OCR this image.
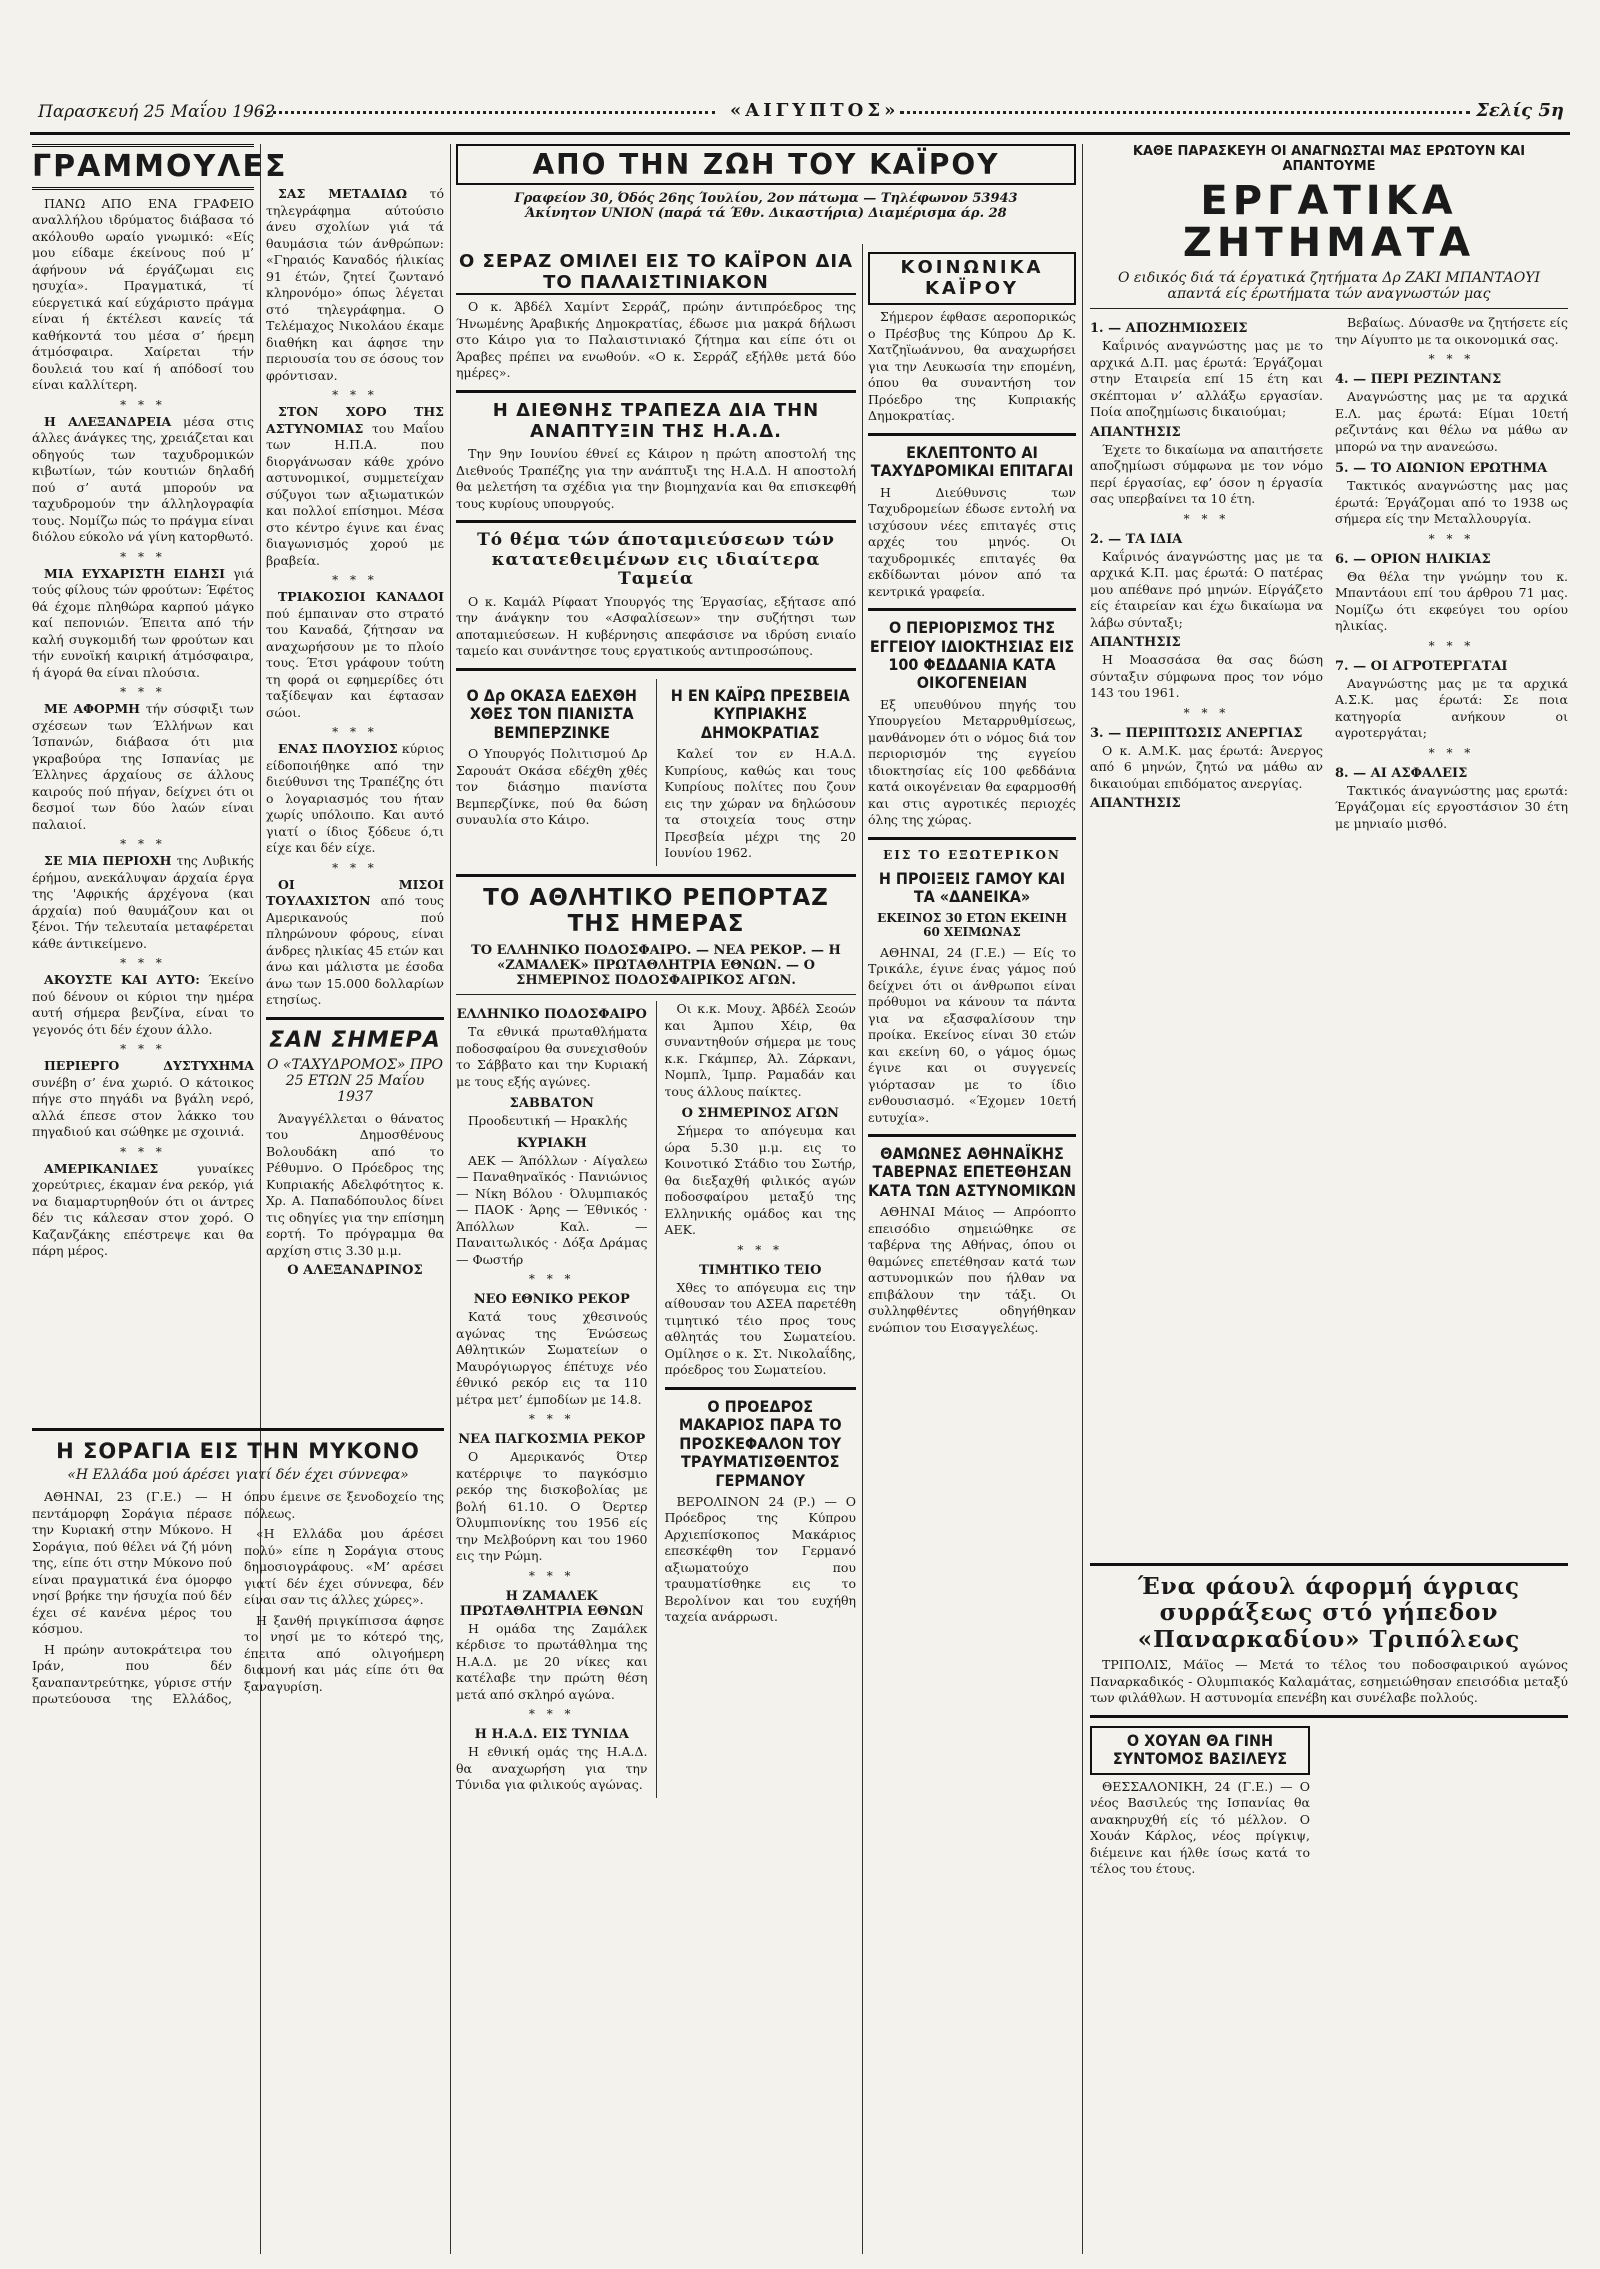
Παρασκευή 25 Μαΐου 1962	«ΑΙΓΥΠΤΟΣ»	Σελίς 5η
ΓΡΑΜΜΟΥΛΕΣ

ΠΑΝΩ ΑΠΟ ΕΝΑ ΓΡΑΦΕΙΟ αναλλήλου ιδρύματος διάβασα τό ακόλουθο ωραίο γνωμικό: «Είς μου είδαμε έκείνους πού μ’ άφήνουν νά έργάζωμαι εις ησυχία». Πραγματικά, τί εύεργετικά καί εύχάριστο πράγμα είναι ή έκτέλεσι κανείς τά καθήκοντά του μέσα σ’ ήρεμη άτμόσφαιρα. Χαίρεται τήν δουλειά του καί ή απόδοσί του είναι καλλίτερη.

* * *

Η ΑΛΕΞΑΝΔΡΕΙΑ μέσα στις άλλες άνάγκες της, χρειάζεται και οδηγούς των ταχυδρομικών κιβωτίων, τών κουτιών δηλαδή πού σ’ αυτά μπορούν να ταχυδρομούν την άλληλογραφία τους. Νομίζω πώς το πράγμα είναι διόλου εύκολο νά γίνη κατορθωτό.

* * *

ΜΙΑ ΕΥΧΑΡΙΣΤΗ ΕΙΔΗΣΙ γιά τούς φίλους τών φρούτων: Έφέτος θά έχομε πληθώρα καρπού μάγκο καί πεπονιών. Έπειτα από τήν καλή συγκομιδή των φρούτων και τήν ευνοϊκή καιρική άτμόσφαιρα, ή άγορά θα είναι πλούσια.

* * *

ΜΕ ΑΦΟΡΜΗ τήν σύσφιξι των σχέσεων των Έλλήνων και Ίσπανών, διάβασα ότι μια γκραβούρα της Ισπανίας με Έλληνες άρχαίους σε άλλους καιρούς πού πήγαν, δείχνει ότι οι δεσμοί των δύο λαών είναι παλαιοί.

* * *

ΣΕ ΜΙΑ ΠΕΡΙΟΧΗ της Λυβικής έρήμου, ανεκάλυψαν άρχαία έργα της 'Αφρικής άρχέγονα (και άρχαία) πού θαυμάζουν και οι ξένοι. Τήν τελευταία μεταφέρεται κάθε άντικείμενο.

* * *

ΑΚΟΥΣΤΕ ΚΑΙ ΑΥΤΟ: Έκείνο πού δένουν οι κύριοι την ημέρα αυτή σήμερα βενζίνα, είναι το γεγονός ότι δέν έχουν άλλο.

* * *

ΠΕΡΙΕΡΓΟ ΔΥΣΤΥΧΗΜΑ συνέβη σ’ ένα χωριό. Ο κάτοικος πήγε στο πηγάδι να βγάλη νερό, αλλά έπεσε στον λάκκο του πηγαδιού και σώθηκε με σχοινιά.

* * *

ΑΜΕΡΙΚΑΝΙΔΕΣ	γυναίκες χορεύτριες, έκαμαν ένα ρεκόρ, γιά να διαμαρτυρηθούν ότι οι άντρες δέν τις κάλεσαν στον χορό. Ο Καζανζάκης επέστρεψε και θα πάρη μέρος.

ΣΑΣ ΜΕΤΑΔΙΔΩ τό τηλεγράφημα αύτούσιο άνευ σχολίων γιά τά θαυμάσια τών άνθρώπων: «Γηραιός Καναδός ήλικίας 91 έτών, ζητεί ζωντανό κληρονόμο» όπως λέγεται στό τηλεγράφημα. Ο Τελέμαχος Νικολάου έκαμε διαθήκη και άφησε την περιουσία του σε όσους τον φρόντισαν.

* * *

ΣΤΟΝ ΧΟΡΟ ΤΗΣ ΑΣΤΥΝΟΜΙΑΣ του Μαΐου των Η.Π.Α. που διοργάνωσαν κάθε χρόνο αστυνομικοί, συμμετείχαν σύζυγοι των αξιωματικών και πολλοί επίσημοι. Μέσα στο κέντρο έγινε και ένας διαγωνισμός χορού με βραβεία.

* * *

ΤΡΙΑΚΟΣΙΟΙ ΚΑΝΑΔΟΙ πού έμπαιναν στο στρατό του Καναδά, ζήτησαν να αναχωρήσουν με το πλοίο τους. Έτσι γράφουν τούτη τη φορά οι εφημερίδες ότι ταξίδεψαν και έφτασαν σώοι.

* * *

ΕΝΑΣ ΠΛΟΥΣΙΟΣ κύριος είδοποιήθηκε από την διεύθυνσι της Τραπέζης ότι ο λογαριασμός του ήταν χωρίς υπόλοιπο. Και αυτό γιατί ο ίδιος ξόδευε ό,τι είχε και δέν είχε.

* * *

ΟΙ ΜΙΣΟΙ ΤΟΥΛΑΧΙΣΤΟΝ από τους Αμερικανούς πού πληρώνουν φόρους, είναι άνδρες ηλικίας 45 ετών και άνω και μάλιστα με έσοδα άνω των 15.000 δολλαρίων ετησίως.

ΣΑΝ ΣΗΜΕΡΑ
Ο «ΤΑΧΥΔΡΟΜΟΣ» ΠΡΟ 25 ΕΤΩΝ 25 Μαΐου 1937

Άναγγέλλεται ο θάνατος του Δημοσθένους Βολουδάκη από το Ρέθυμνο. Ο Πρόεδρος της Κυπριακής Αδελφότητος κ. Χρ. Α. Παπαδόπουλος δίνει τις οδηγίες για την επίσημη εορτή. Το πρόγραμμα θα αρχίση στις 3.30 μ.μ.

Ο ΑΛΕΞΑΝΔΡΙΝΟΣ
Η ΣΟΡΑΓΙΑ ΕΙΣ ΤΗΝ ΜΥΚΟΝΟ
«Η Ελλάδα μού άρέσει γιατί δέν έχει σύννεφα»

ΑΘΗΝΑΙ, 23 (Γ.Ε.) — Η πεντάμορφη Σοράγια πέρασε την Κυριακή στην Μύκονο. Η Σοράγια, πού θέλει νά ζή μόνη της, είπε ότι στην Μύκονο πού είναι πραγματικά ένα όμορφο νησί βρήκε την ήσυχία πού δέν έχει σέ κανένα μέρος του κόσμου.

Η πρώην αυτοκράτειρα του Ιράν, που δέν ξαναπαντρεύτηκε, γύρισε στήν πρωτεύουσα της Ελλάδος, όπου έμεινε σε ξενοδοχείο της πόλεως.

«Η Ελλάδα μου άρέσει πολύ» είπε η Σοράγια στους δημοσιογράφους. «Μ’ αρέσει γιατί δέν έχει σύννεφα, δέν είναι σαν τις άλλες χώρες».

Η ξανθή πριγκίπισσα άφησε το νησί με το κότερό της, έπειτα από ολιγοήμερη διαμονή και μάς είπε ότι θα ξαναγυρίση.

ΑΠΟ ΤΗΝ ΖΩΗ ΤΟΥ ΚΑΪΡΟΥ
Γραφείον 30, Όδός 26ης Ίουλίου, 2ον πάτωμα — Τηλέφωνον 53943
Άκίνητον UNION (παρά τά Έθν. Δικαστήρια) Διαμέρισμα άρ. 28
Ο ΣΕΡΑΖ ΟΜΙΛΕΙ ΕΙΣ ΤΟ ΚΑΪΡΟΝ ΔΙΑ ΤΟ ΠΑΛΑΙΣΤΙΝΙΑΚΟΝ

Ο κ. Άβδέλ Χαμίντ Σερράζ, πρώην άντιπρόεδρος της Ήνωμένης Άραβικής Δημοκρατίας, έδωσε μια μακρά δήλωσι στο Κάιρο για το Παλαιστινιακό ζήτημα και είπε ότι οι Άραβες πρέπει να ενωθούν. «Ο κ. Σερράζ εξήλθε μετά δύο ημέρες».

Η ΔΙΕΘΝΗΣ ΤΡΑΠΕΖΑ ΔΙΑ ΤΗΝ ΑΝΑΠΤΥΞΙΝ ΤΗΣ Η.Α.Δ.

Την 9ην Ιουνίου έθνεί ες Κάιρον η πρώτη αποστολή της Διεθνούς Τραπέζης για την ανάπτυξι της Η.Α.Δ. Η αποστολή θα μελετήση τα σχέδια για την βιομηχανία και θα επισκεφθή τους κυρίους υπουργούς.

Τό θέμα τών άποταμιεύσεων τών κατατεθειμένων εις ιδιαίτερα Ταμεία

Ο κ. Καμάλ Ρίφαατ Υπουργός της Έργασίας, εξήτασε από την άνάγκην του «Ασφαλίσεων» την συζήτησι των αποταμιεύσεων. Η κυβέρνησις απεφάσισε να ιδρύση ενιαίο ταμείο και συνάντησε τους εργατικούς αντιπροσώπους.

Ο Δρ ΟΚΑΣΑ ΕΔΕΧΘΗ ΧΘΕΣ ΤΟΝ ΠΙΑΝΙΣΤΑ ΒΕΜΠΕΡΖΙΝΚΕ

Ο Υπουργός Πολιτισμού Δρ Σαρουάτ Οκάσα εδέχθη χθές τον διάσημο πιανίστα Βεμπερζίνκε, πού θα δώση συναυλία στο Κάιρο.

Η ΕΝ ΚΑΪΡΩ ΠΡΕΣΒΕΙΑ ΚΥΠΡΙΑΚΗΣ ΔΗΜΟΚΡΑΤΙΑΣ

Καλεί τον εν Η.Α.Δ. Κυπρίους, καθώς και τους Κυπρίους πολίτες που ζουν εις την χώραν να δηλώσουν τα στοιχεία τους στην Πρεσβεία μέχρι της 20 Ιουνίου 1962.

ΤΟ ΑΘΛΗΤΙΚΟ ΡΕΠΟΡΤΑΖ ΤΗΣ ΗΜΕΡΑΣ
ΤΟ ΕΛΛΗΝΙΚΟ ΠΟΔΟΣΦΑΙΡΟ. — ΝΕΑ ΡΕΚΟΡ. — Η «ΖΑΜΑΛΕΚ» ΠΡΩΤΑΘΛΗΤΡΙΑ ΕΘΝΩΝ. — Ο ΣΗΜΕΡΙΝΟΣ ΠΟΔΟΣΦΑΙΡΙΚΟΣ ΑΓΩΝ.
ΕΛΛΗΝΙΚΟ ΠΟΔΟΣΦΑΙΡΟ

Τα εθνικά πρωταθλήματα ποδοσφαίρου θα συνεχισθούν το Σάββατο και την Κυριακή με τους εξής αγώνες.

ΣΑΒΒΑΤΟΝ

Προοδευτική — Ηρακλής

ΚΥΡΙΑΚΗ

ΑΕΚ — Άπόλλων · Αίγαλεω — Παναθηναϊκός · Πανιώνιος — Νίκη Βόλου · Όλυμπιακός — ΠΑΟΚ · Άρης — Έθνικός · Άπόλλων Καλ. — Παναιτωλικός · Δόξα Δράμας — Φωστήρ

* * *
ΝΕΟ ΕΘΝΙΚΟ ΡΕΚΟΡ

Κατά τους χθεσινούς αγώνας της Ένώσεως Αθλητικών Σωματείων ο Μαυρόγιωργος έπέτυχε νέο έθνικό ρεκόρ εις τα 110 μέτρα μετ’ έμποδίων με 14.8.

* * *
ΝΕΑ ΠΑΓΚΟΣΜΙΑ ΡΕΚΟΡ

Ο Αμερικανός Ότερ κατέρριψε το παγκόσμιο ρεκόρ της δισκοβολίας με βολή 61.10. Ο Όερτερ Όλυμπιονίκης του 1956 είς την Μελβούρνη και του 1960 εις την Ρώμη.

* * *
Η ΖΑΜΑΛΕΚ ΠΡΩΤΑΘΛΗΤΡΙΑ ΕΘΝΩΝ

Η ομάδα της Ζαμάλεκ κέρδισε το πρωτάθλημα της Η.Α.Δ. με 20 νίκες και κατέλαβε την πρώτη θέση μετά από σκληρό αγώνα.

* * *
Η Η.Α.Δ. ΕΙΣ ΤΥΝΙΔΑ

Η εθνική ομάς της Η.Α.Δ. θα αναχωρήση για την Τύνιδα για φιλικούς αγώνας.

Οι κ.κ. Μουχ. Άβδέλ Σεοών και Άμπου Χέιρ, θα συναντηθούν σήμερα με τους κ.κ. Γκάμπερ, Άλ. Ζάρκανι, Νομπλ, Ίμπρ. Ραμαδάν και τους άλλους παίκτες.

Ο ΣΗΜΕΡΙΝΟΣ ΑΓΩΝ

Σήμερα το απόγευμα και ώρα 5.30 μ.μ. εις το Κοινοτικό Στάδιο του Σωτήρ, θα διεξαχθή φιλικός αγών ποδοσφαίρου μεταξύ της Ελληνικής ομάδος και της ΑΕΚ.

* * *
ΤΙΜΗΤΙΚΟ ΤΕΙΟ

Χθες το απόγευμα εις την αίθουσαν του ΑΣΕΑ παρετέθη τιμητικό τέιο προς τους αθλητάς του Σωματείου. Ομίλησε ο κ. Στ. Νικολαΐδης, πρόεδρος του Σωματείου.

Ο ΠΡΟΕΔΡΟΣ ΜΑΚΑΡΙΟΣ ΠΑΡΑ ΤΟ ΠΡΟΣΚΕΦΑΛΟΝ ΤΟΥ ΤΡΑΥΜΑΤΙΣΘΕΝΤΟΣ ΓΕΡΜΑΝΟΥ

ΒΕΡΟΛΙΝΟΝ 24 (Ρ.) — Ο Πρόεδρος της Κύπρου Αρχιεπίσκοπος Μακάριος επεσκέφθη τον Γερμανό αξιωματούχο που τραυματίσθηκε εις το Βερολίνον και του ευχήθη ταχεία ανάρρωσι.

ΚΟΙΝΩΝΙΚΑ ΚΑΪΡΟΥ

Σήμερον έφθασε αεροπορικώς ο Πρέσβυς της Κύπρου Δρ Κ. Χατζηϊωάννου, θα αναχωρήσει για την Λευκωσία την επομένη, όπου θα συναντήση τον Πρόεδρο της Κυπριακής Δημοκρατίας.

ΕΚΛΕΠΤΟΝΤΟ ΑΙ ΤΑΧΥΔΡΟΜΙΚΑΙ ΕΠΙΤΑΓΑΙ

Η Διεύθυνσις των Ταχυδρομείων έδωσε εντολή να ισχύσουν νέες επιταγές στις αρχές του μηνός. Οι ταχυδρομικές επιταγές θα εκδίδωνται μόνον από τα κεντρικά γραφεία.

Ο ΠΕΡΙΟΡΙΣΜΟΣ ΤΗΣ ΕΓΓΕΙΟΥ ΙΔΙΟΚΤΗΣΙΑΣ ΕΙΣ 100 ΦΕΔΔΑΝΙΑ ΚΑΤΑ ΟΙΚΟΓΕΝΕΙΑΝ

Εξ υπευθύνου πηγής του Υπουργείου Μεταρρυθμίσεως, μανθάνομεν ότι ο νόμος διά τον περιορισμόν της εγγείου ιδιοκτησίας είς 100 φεδδάνια κατά οικογένειαν θα εφαρμοσθή και στις αγροτικές περιοχές όλης της χώρας.

ΕΙΣ ΤΟ ΕΞΩΤΕΡΙΚΟΝ
Η ΠΡΟΙΞΕΙΣ ΓΑΜΟΥ ΚΑΙ ΤΑ «ΔΑΝΕΙΚΑ»
ΕΚΕΙΝΟΣ 30 ΕΤΩΝ ΕΚΕΙΝΗ 60 ΧΕΙΜΩΝΑΣ

ΑΘΗΝΑΙ, 24 (Γ.Ε.) — Είς το Τρικάλε, έγινε ένας γάμος πού δείχνει ότι οι άνθρωποι είναι πρόθυμοι να κάνουν τα πάντα για να εξασφαλίσουν την προίκα. Εκείνος είναι 30 ετών και εκείνη 60, ο γάμος όμως έγινε και οι συγγενείς γιόρτασαν με το ίδιο ενθουσιασμό. «Έχομεν 10ετή ευτυχία».

ΘΑΜΩΝΕΣ ΑΘΗΝΑΪΚΗΣ ΤΑΒΕΡΝΑΣ ΕΠΕΤΕΘΗΣΑΝ ΚΑΤΑ ΤΩΝ ΑΣΤΥΝΟΜΙΚΩΝ

ΑΘΗΝΑΙ Μάιος — Απρόοπτο επεισόδιο σημειώθηκε σε ταβέρνα της Αθήνας, όπου οι θαμώνες επετέθησαν κατά των αστυνομικών που ήλθαν να επιβάλουν την τάξι. Οι συλληφθέντες οδηγήθηκαν ενώπιον του Εισαγγελέως.

ΚΑΘΕ ΠΑΡΑΣΚΕΥΗ ΟΙ ΑΝΑΓΝΩΣΤΑΙ ΜΑΣ ΕΡΩΤΟΥΝ ΚΑΙ ΑΠΑΝΤΟΥΜΕ
ΕΡΓΑΤΙΚΑ ΖΗΤΗΜΑΤΑ
Ο ειδικός διά τά έργατικά ζητήματα Δρ ΖΑΚΙ ΜΠΑΝΤΑΟΥΙ απαντά είς έρωτήματα τών αναγνωστών μας
1. — ΑΠΟΖΗΜΙΩΣΕΙΣ

Καΐρινός αναγνώστης μας με το αρχικά Δ.Π. μας έρωτά: Έργάζομαι στην Εταιρεία επί 15 έτη και σκέπτομαι ν’ αλλάξω εργασίαν. Ποία αποζημίωσις δικαιούμαι;

ΑΠΑΝΤΗΣΙΣ

Έχετε το δικαίωμα να απαιτήσετε αποζημίωσι σύμφωνα με τον νόμο περί έργασίας, εφ’ όσον η έργασία σας υπερβαίνει τα 10 έτη.

* * *
2. — ΤΑ ΙΔΙΑ

Καΐρινός άναγνώστης μας με τα αρχικά Κ.Π. μας έρωτά: Ο πατέρας μου απέθανε πρό μηνών. Είργάζετο είς έταιρείαν και έχω δικαίωμα να λάβω σύνταξι;

ΑΠΑΝΤΗΣΙΣ

Η Μοασσάσα θα σας δώση σύνταξιν σύμφωνα προς τον νόμο 143 του 1961.

* * *
3. — ΠΕΡΙΠΤΩΣΙΣ ΑΝΕΡΓΙΑΣ

Ο κ. Α.Μ.Κ. μας έρωτά: Άνεργος από 6 μηνών, ζητώ να μάθω αν δικαιούμαι επιδόματος ανεργίας.

ΑΠΑΝΤΗΣΙΣ

Βεβαίως. Δύνασθε να ζητήσετε είς την Αίγυπτο με τα οικονομικά σας.

* * *
4. — ΠΕΡΙ ΡΕΖΙΝΤΑΝΣ

Αναγνώστης μας με τα αρχικά Ε.Λ. μας έρωτά: Είμαι 10ετή ρεζιντάνς και θέλω να μάθω αν μπορώ να την ανανεώσω.

5. — ΤΟ ΑΙΩΝΙΟΝ ΕΡΩΤΗΜΑ

Τακτικός αναγνώστης μας μας έρωτά: Έργάζομαι από το 1938 ως σήμερα είς την Μεταλλουργία.

* * *
6. — ΟΡΙΟΝ ΗΛΙΚΙΑΣ

Θα θέλα την γνώμην του κ. Μπαντάουι επί του άρθρου 71 μας. Νομίζω ότι εκφεύγει του ορίου ηλικίας.

* * *
7. — ΟΙ ΑΓΡΟΤΕΡΓΑΤΑΙ

Αναγνώστης μας με τα αρχικά Α.Σ.Κ. μας έρωτά: Σε ποια κατηγορία ανήκουν οι αγροτεργάται;

* * *
8. — ΑΙ ΑΣΦΑΛΕΙΣ

Τακτικός άναγνώστης μας ερωτά: Έργάζομαι είς εργοστάσιον 30 έτη με μηνιαίο μισθό.

Ένα φάουλ άφορμή άγριας συρράξεως στό γήπεδον «Παναρκαδίου» Τριπόλεως

ΤΡΙΠΟΛΙΣ, Μάϊος — Μετά το τέλος του ποδοσφαιρικού αγώνος Παναρκαδικός - Ολυμπιακός Καλαμάτας, εσημειώθησαν επεισόδια μεταξύ των φιλάθλων. Η αστυνομία επενέβη και συνέλαβε πολλούς.

Ο ΧΟΥΑΝ ΘΑ ΓΙΝΗ ΣΥΝΤΟΜΟΣ ΒΑΣΙΛΕΥΣ

ΘΕΣΣΑΛΟΝΙΚΗ, 24 (Γ.Ε.) — Ο νέος Βασιλεύς της Ισπανίας θα ανακηρυχθή είς τό μέλλον. Ο Χουάν Κάρλος, νέος πρίγκιψ, διέμεινε και ήλθε ίσως κατά το τέλος του έτους.
